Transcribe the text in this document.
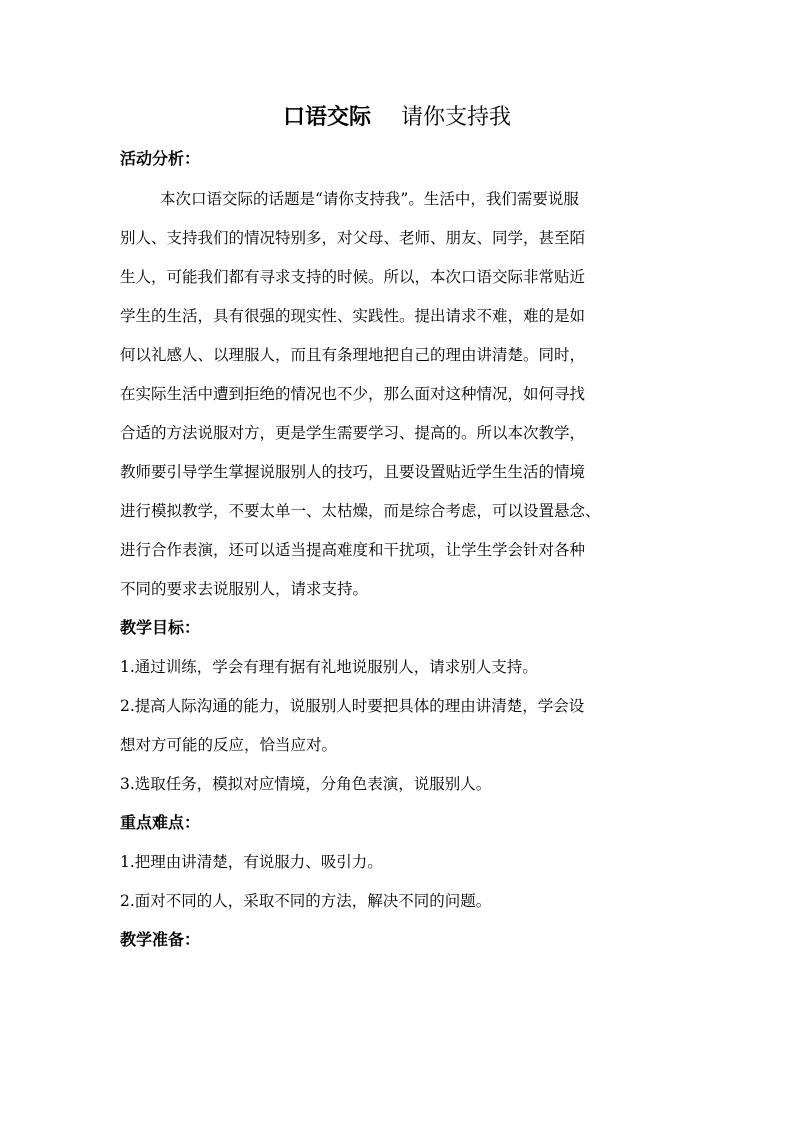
口语交际 请你支持我
活动分析：
本次口语交际的话题是“请你支持我”。生活中，我们需要说服
别人、支持我们的情况特别多，对父母、老师、朋友、同学，甚至陌
生人，可能我们都有寻求支持的时候。所以，本次口语交际非常贴近
学生的生活，具有很强的现实性、实践性。提出请求不难，难的是如
何以礼感人、以理服人，而且有条理地把自己的理由讲清楚。同时，
在实际生活中遭到拒绝的情况也不少，那么面对这种情况，如何寻找
合适的方法说服对方，更是学生需要学习、提高的。所以本次教学，
教师要引导学生掌握说服别人的技巧，且要设置贴近学生生活的情境
进行模拟教学，不要太单一、太枯燥，而是综合考虑，可以设置悬念、
进行合作表演，还可以适当提高难度和干扰项，让学生学会针对各种
不同的要求去说服别人，请求支持。
教学目标：
1.通过训练，学会有理有据有礼地说服别人，请求别人支持。
2.提高人际沟通的能力，说服别人时要把具体的理由讲清楚，学会设
想对方可能的反应，恰当应对。
3.选取任务，模拟对应情境，分角色表演，说服别人。
重点难点：
1.把理由讲清楚，有说服力、吸引力。
2.面对不同的人，采取不同的方法，解决不同的问题。
教学准备：
